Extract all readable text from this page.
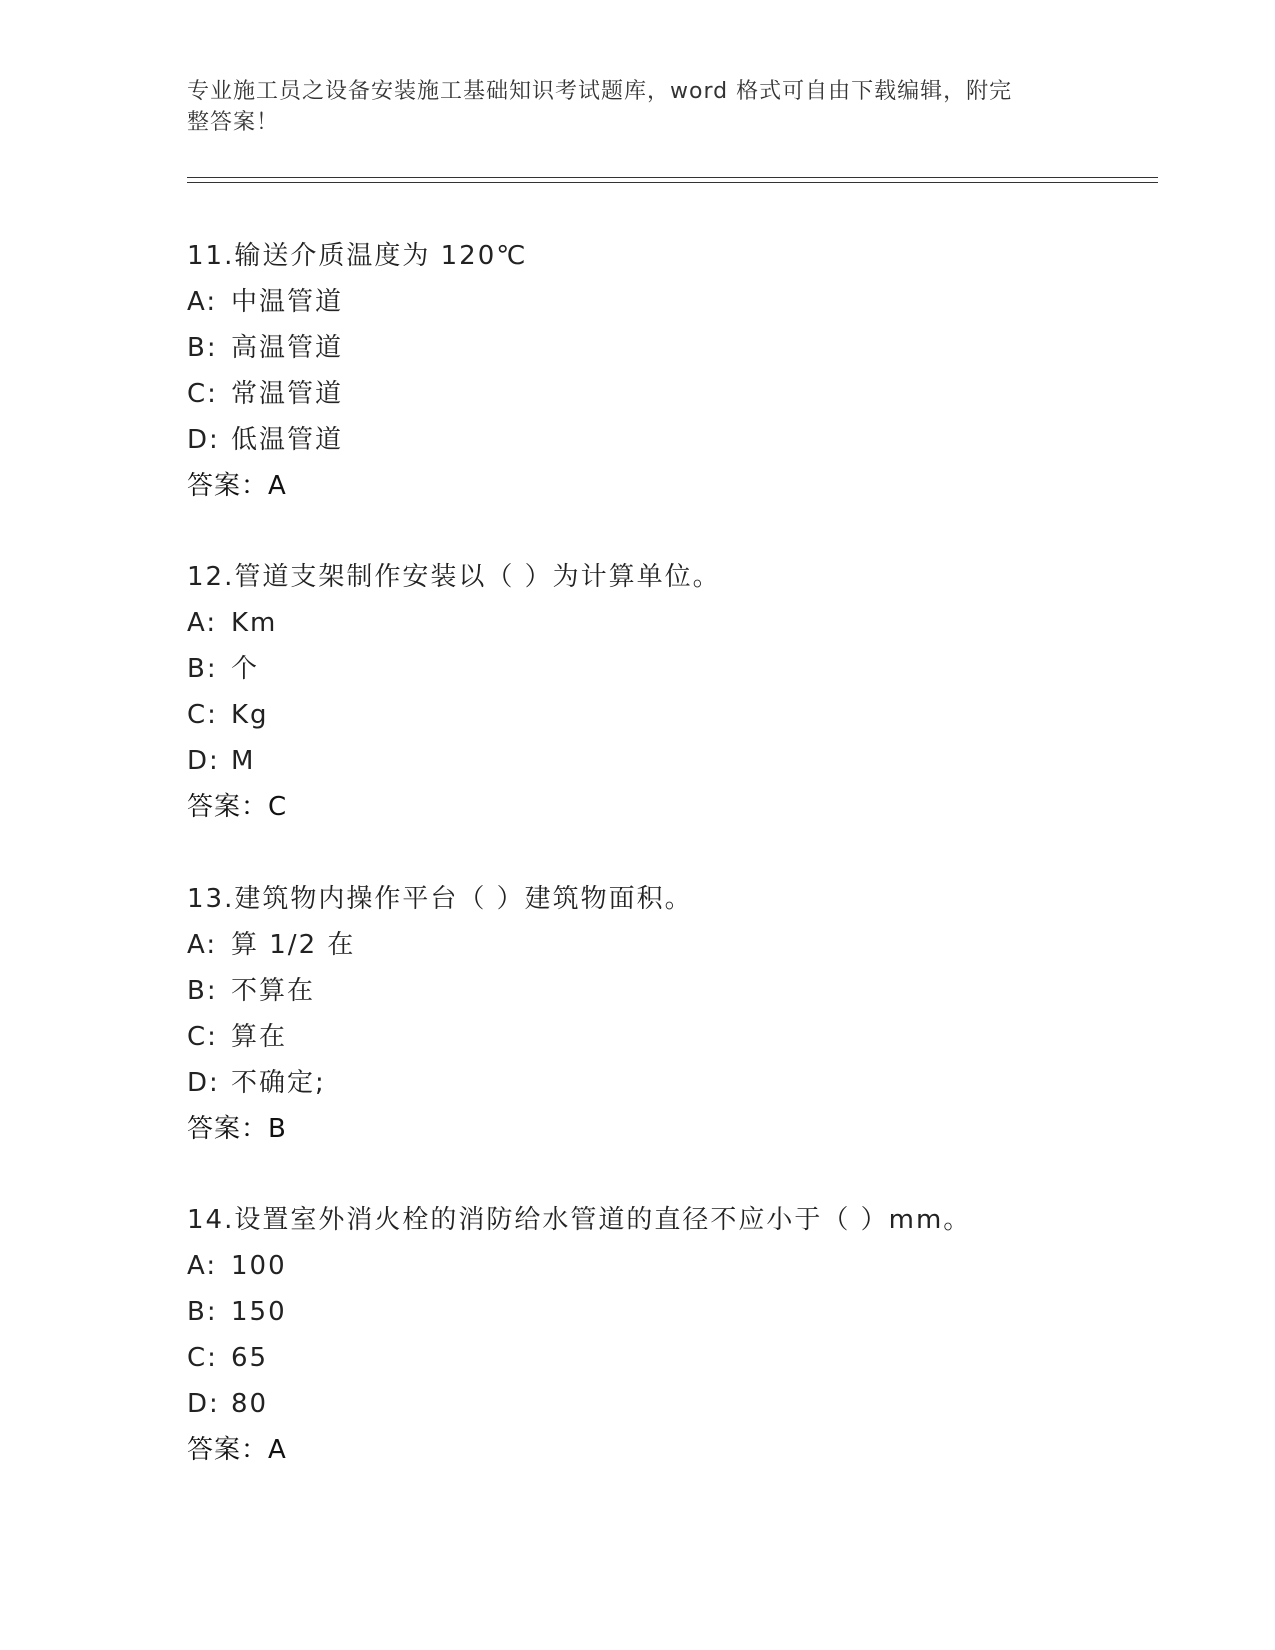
专业施工员之设备安装施工基础知识考试题库，word 格式可自由下载编辑，附完
整答案！
11.输送介质温度为 120℃
A: 中温管道
B: 高温管道
C: 常温管道
D: 低温管道
答案：A
12.管道支架制作安装以（ ）为计算单位。
A: Km
B: 个
C: Kg
D: M
答案：C
13.建筑物内操作平台（ ）建筑物面积。
A: 算 1/2 在
B: 不算在
C: 算在
D: 不确定;
答案：B
14.设置室外消火栓的消防给水管道的直径不应小于（ ）mm。
A: 100
B: 150
C: 65
D: 80
答案：A
